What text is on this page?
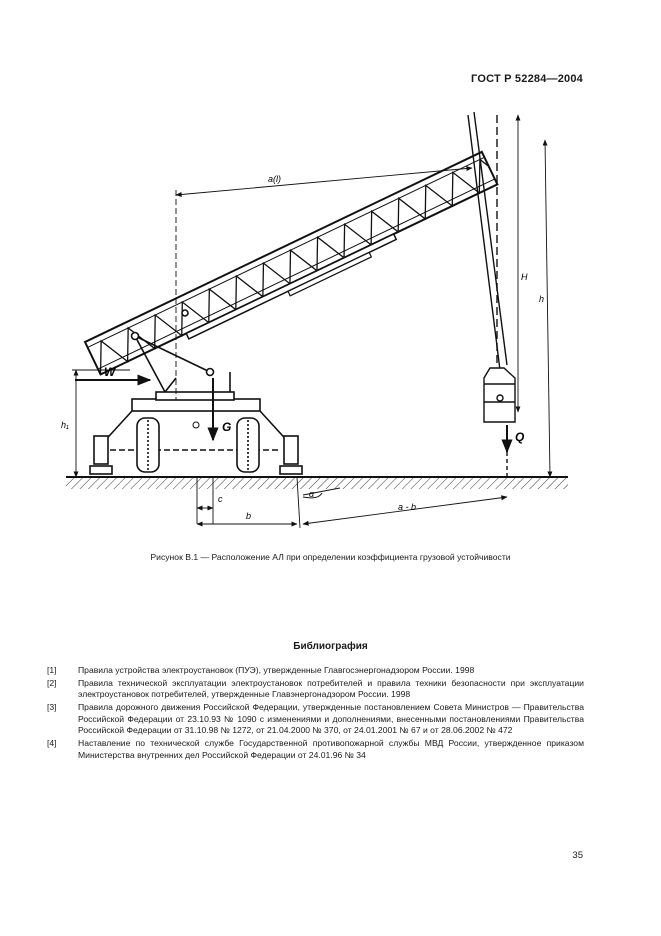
ГОСТ Р 52284—2004
W
G
Q
a(l)
h₁
H
h
c
b
α
a - b
Рисунок В.1 — Расположение АЛ при определении коэффициента грузовой устойчивости
Библиография
[1]	Правила устройства электроустановок (ПУЭ), утвержденные Главгосэнергонадзором России. 1998
[2]	Правила технической эксплуатации электроустановок потребителей и правила техники безопасности при эксплуатации электроустановок потребителей, утвержденные Главэнергонадзором России. 1998
[3]	Правила дорожного движения Российской Федерации, утвержденные постановлением Совета Министров — Правительства Российской Федерации от 23.10.93 № 1090 с изменениями и дополнениями, внесенными постановлениями Правительства Российской Федерации от 31.10.98 № 1272, от 21.04.2000 № 370, от 24.01.2001 № 67 и от 28.06.2002 № 472
[4]	Наставление по технической службе Государственной противопожарной службы МВД России, утвержденное приказом Министерства внутренних дел Российской Федерации от 24.01.96 № 34
35
